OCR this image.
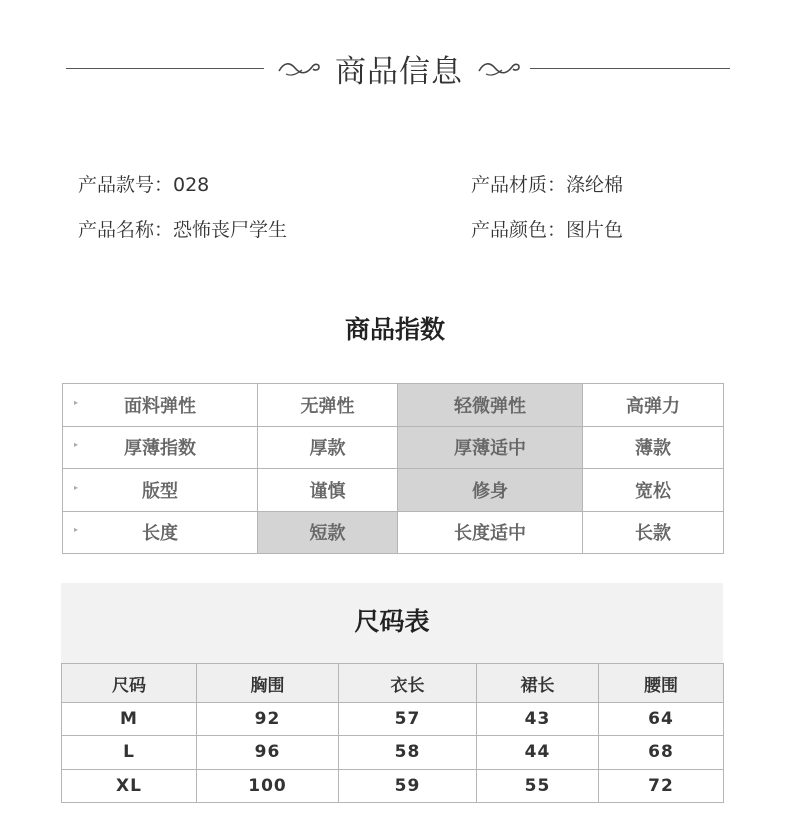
商品信息
产品款号：028	产品材质：涤纶棉
产品名称：恐怖丧尸学生	产品颜色：图片色
商品指数
▸ 面料弹性	无弹性	轻微弹性	高弹力

▸ 厚薄指数	厚款	厚薄适中	薄款

▸ 版型	谨慎	修身	宽松

▸ 长度	短款	长度适中	长款
尺码表
尺码	胸围	衣长	裙长	腰围
M	92	57	43	64
L	96	58	44	68
XL	100	59	55	72
